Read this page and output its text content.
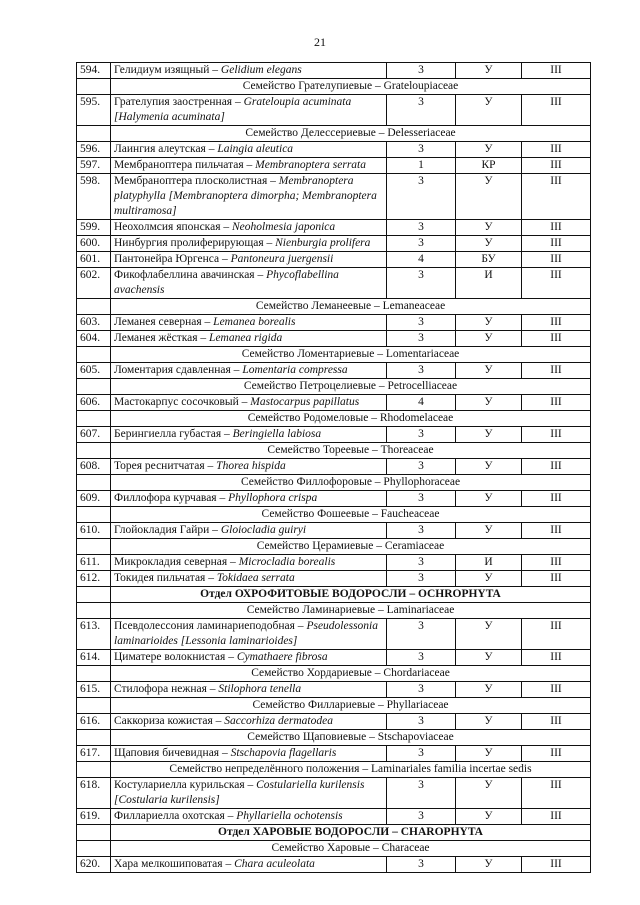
21
594.	Гелидиум изящный – Gelidium elegans	3	У	III
	Семейство Грателупиевые – Grateloupiaceae			
595.	Грателупия заостренная – Grateloupia acuminata [Halymenia acuminata]	3	У	III
	Семейство Делессериевые – Delesseriaceae			
596.	Лаингия алеутская – Laingia aleutica	3	У	III
597.	Мембраноптера пильчатая – Membranoptera serrata	1	КР	III
598.	Мембраноптера плосколистная – Membranoptera platyphylla [Membranoptera dimorpha; Membranoptera multiramosa]	3	У	III
599.	Неохолмсия японская – Neoholmesia japonica	3	У	III
600.	Нинбургия пролиферирующая – Nienburgia prolifera	3	У	III
601.	Пантонейра Юргенса – Pantoneura juergensii	4	БУ	III
602.	Фикофлабеллина авачинская – Phycoflabellina avachensis	3	И	III
	Семейство Леманеевые – Lemaneaceae			
603.	Леманея северная – Lemanea borealis	3	У	III
604.	Леманея жёсткая – Lemanea rigida	3	У	III
	Семейство Ломентариевые – Lomentariaceae			
605.	Ломентария сдавленная – Lomentaria compressa	3	У	III
	Семейство Петроцелиевые – Petrocelliaceae			
606.	Мастокарпус сосочковый – Mastocarpus papillatus	4	У	III
	Семейство Родомеловые – Rhodomelaceae			
607.	Берингиелла губастая – Beringiella labiosa	3	У	III
	Семейство Тореевые – Thoreaceae			
608.	Торея реснитчатая – Thorea hispida	3	У	III
	Семейство Филлофоровые – Phyllophoraceae			
609.	Филлофора курчавая – Phyllophora crispa	3	У	III
	Семейство Фошеевые – Faucheaceae			
610.	Глойокладия Гайри – Gloiocladia guiryi	3	У	III
	Семейство Церамиевые – Ceramiaceae			
611.	Микрокладия северная – Microcladia borealis	3	И	III
612.	Токидея пильчатая – Tokidaea serrata	3	У	III
	Отдел ОХРОФИТОВЫЕ ВОДОРОСЛИ – OCHROPHYTA			
	Семейство Ламинариевые – Laminariaceae			
613.	Псевдолессония ламинариеподобная – Pseudolessonia laminarioides [Lessonia laminarioides]	3	У	III
614.	Циматере волокнистая – Cymathaere fibrosa	3	У	III
	Семейство Хордариевые – Chordariaceae			
615.	Стилофора нежная – Stilophora tenella	3	У	III
	Семейство Филлариевые – Phyllariaceae			
616.	Саккориза кожистая – Saccorhiza dermatodea	3	У	III
	Семейство Щаповиевые – Stschapoviaceae			
617.	Щаповия бичевидная – Stschapovia flagellaris	3	У	III
	Семейство непределённого положения – Laminariales familia incertae sedis			
618.	Костулариелла курильская – Costulariella kurilensis [Costularia kurilensis]	3	У	III
619.	Филлариелла охотская – Phyllariella ochotensis	3	У	III
	Отдел ХАРОВЫЕ ВОДОРОСЛИ – CHAROPHYTA			
	Семейство Харовые – Characeae			
620.	Хара мелкошиповатая – Chara aculeolata	3	У	III
